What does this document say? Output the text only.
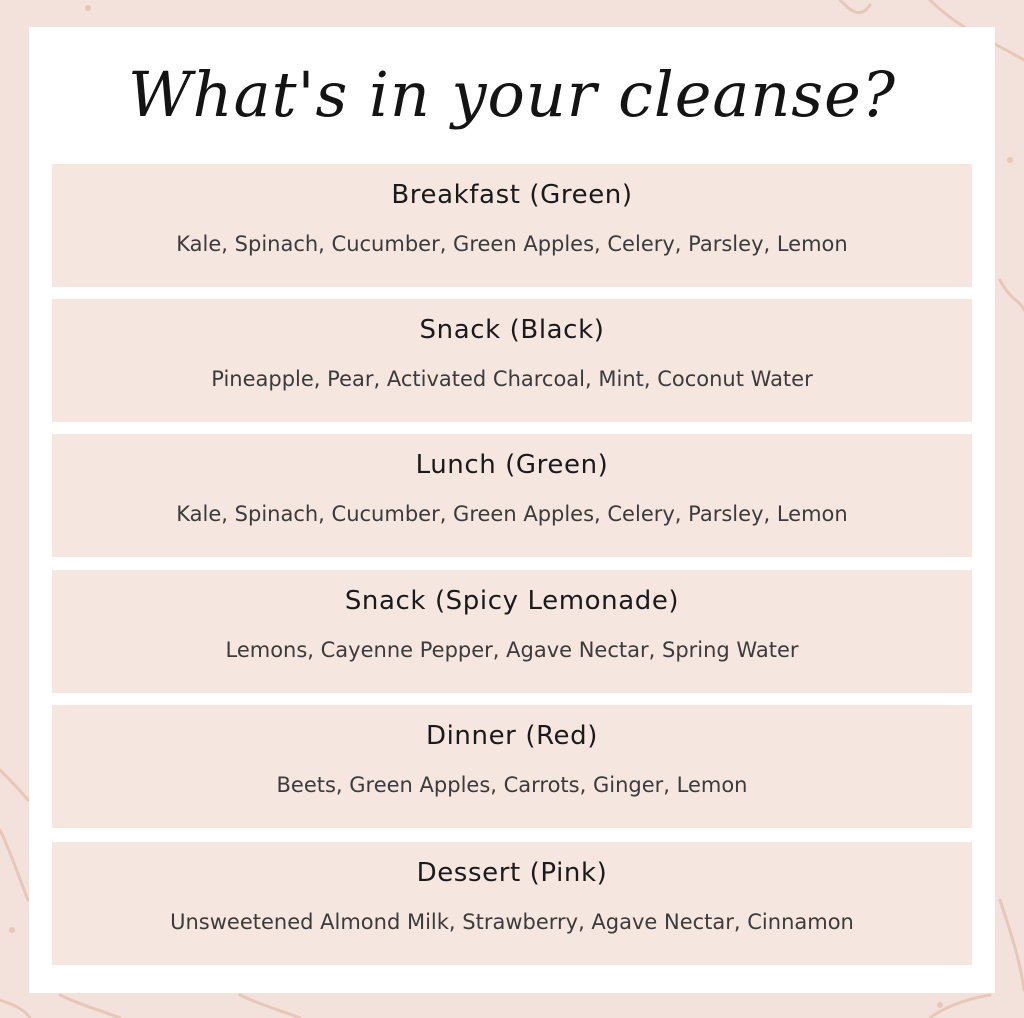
What's in your cleanse?
Breakfast (Green)
Kale, Spinach, Cucumber, Green Apples, Celery, Parsley, Lemon
Snack (Black)
Pineapple, Pear, Activated Charcoal, Mint, Coconut Water
Lunch (Green)
Kale, Spinach, Cucumber, Green Apples, Celery, Parsley, Lemon
Snack (Spicy Lemonade)
Lemons, Cayenne Pepper, Agave Nectar, Spring Water
Dinner (Red)
Beets, Green Apples, Carrots, Ginger, Lemon
Dessert (Pink)
Unsweetened Almond Milk, Strawberry, Agave Nectar, Cinnamon
